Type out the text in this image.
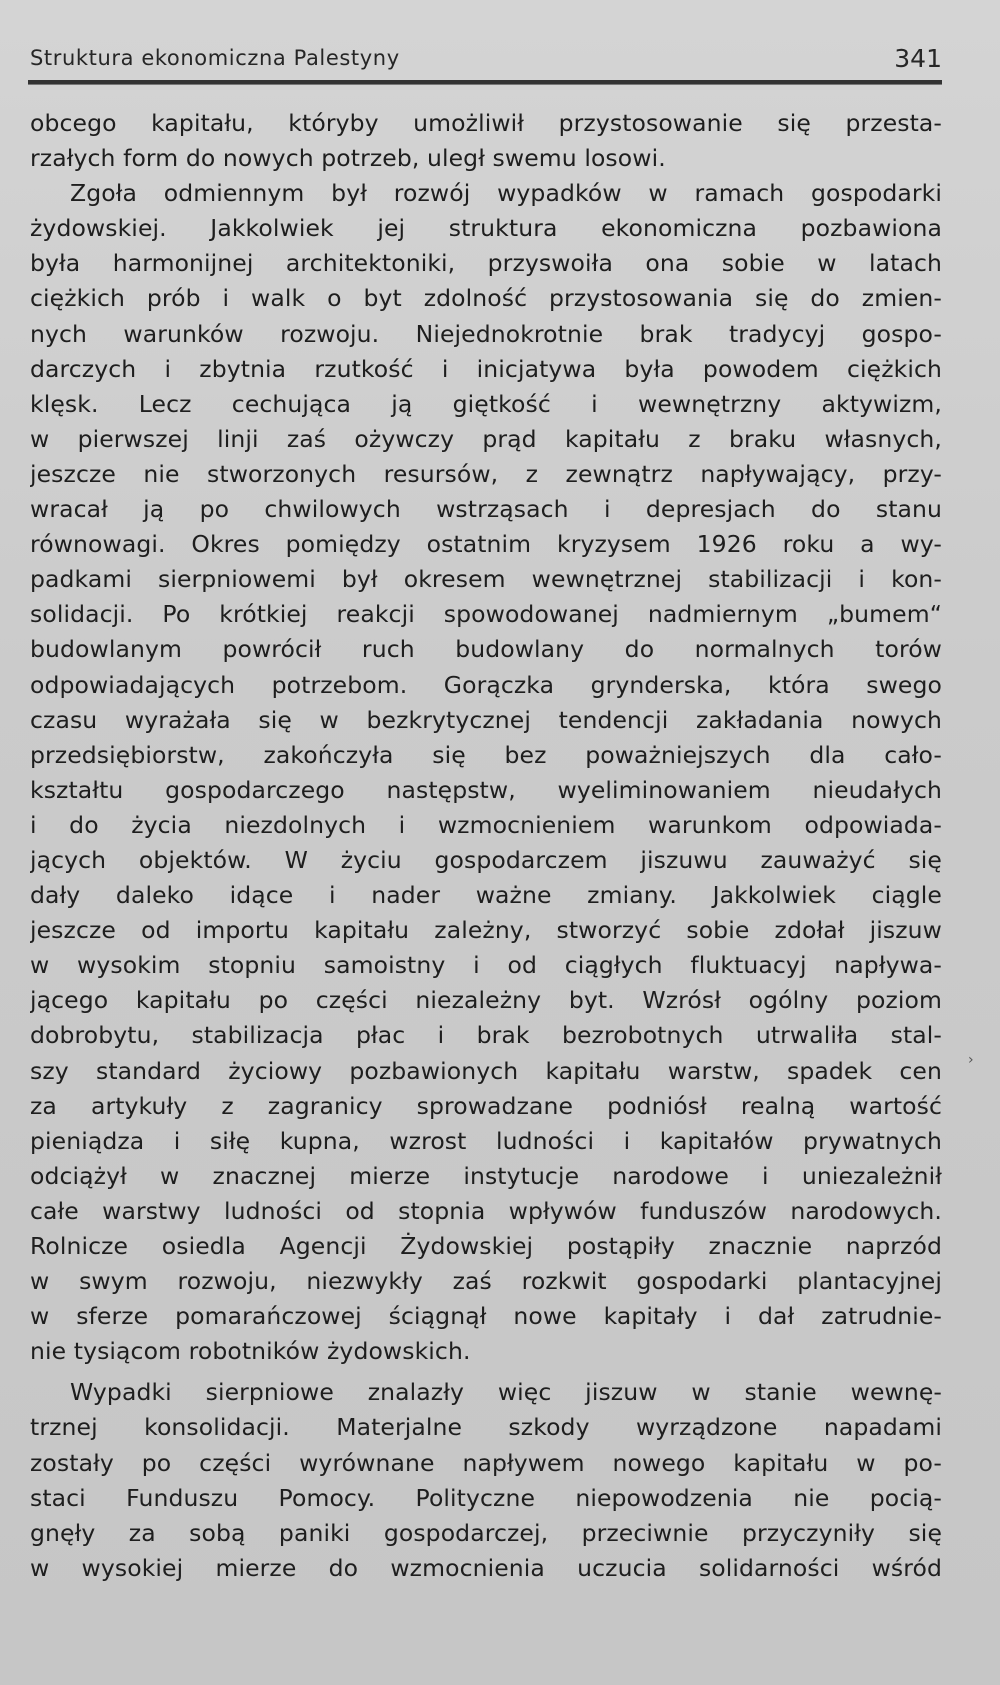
Struktura ekonomiczna Palestyny	341
obcego kapitału, któryby umożliwił przystosowanie się przesta-
rzałych form do nowych potrzeb, uległ swemu losowi.
Zgoła odmiennym był rozwój wypadków w ramach gospodarki
żydowskiej. Jakkolwiek jej struktura ekonomiczna pozbawiona
była harmonijnej architektoniki, przyswoiła ona sobie w latach
ciężkich prób i walk o byt zdolność przystosowania się do zmien-
nych warunków rozwoju. Niejednokrotnie brak tradycyj gospo-
darczych i zbytnia rzutkość i inicjatywa była powodem ciężkich
klęsk. Lecz cechująca ją giętkość i wewnętrzny aktywizm,
w pierwszej linji zaś ożywczy prąd kapitału z braku własnych,
jeszcze nie stworzonych resursów, z zewnątrz napływający, przy-
wracał ją po chwilowych wstrząsach i depresjach do stanu
równowagi. Okres pomiędzy ostatnim kryzysem 1926 roku a wy-
padkami sierpniowemi był okresem wewnętrznej stabilizacji i kon-
solidacji. Po krótkiej reakcji spowodowanej nadmiernym „bumem“
budowlanym powrócił ruch budowlany do normalnych torów
odpowiadających potrzebom. Gorączka grynderska, która swego
czasu wyrażała się w bezkrytycznej tendencji zakładania nowych
przedsiębiorstw, zakończyła się bez poważniejszych dla cało-
kształtu gospodarczego następstw, wyeliminowaniem nieudałych
i do życia niezdolnych i wzmocnieniem warunkom odpowiada-
jących objektów. W życiu gospodarczem jiszuwu zauważyć się
dały daleko idące i nader ważne zmiany. Jakkolwiek ciągle
jeszcze od importu kapitału zależny, stworzyć sobie zdołał jiszuw
w wysokim stopniu samoistny i od ciągłych fluktuacyj napływa-
jącego kapitału po części niezależny byt. Wzrósł ogólny poziom
dobrobytu, stabilizacja płac i brak bezrobotnych utrwaliła stal-
szy standard życiowy pozbawionych kapitału warstw, spadek cen
za artykuły z zagranicy sprowadzane podniósł realną wartość
pieniądza i siłę kupna, wzrost ludności i kapitałów prywatnych
odciążył w znacznej mierze instytucje narodowe i uniezależnił
całe warstwy ludności od stopnia wpływów funduszów narodowych.
Rolnicze osiedla Agencji Żydowskiej postąpiły znacznie naprzód
w swym rozwoju, niezwykły zaś rozkwit gospodarki plantacyjnej
w sferze pomarańczowej ściągnął nowe kapitały i dał zatrudnie-
nie tysiącom robotników żydowskich.
Wypadki sierpniowe znalazły więc jiszuw w stanie wewnę-
trznej konsolidacji. Materjalne szkody wyrządzone napadami
zostały po części wyrównane napływem nowego kapitału w po-
staci Funduszu Pomocy. Polityczne niepowodzenia nie pocią-
gnęły za sobą paniki gospodarczej, przeciwnie przyczyniły się
w wysokiej mierze do wzmocnienia uczucia solidarności wśród
›
